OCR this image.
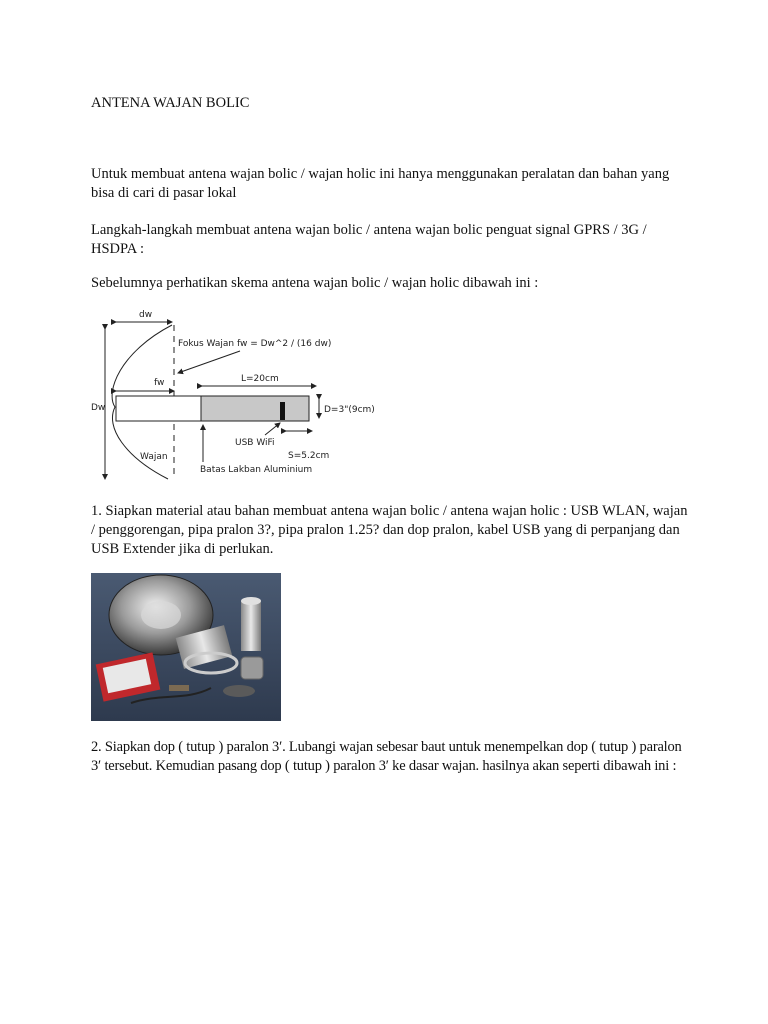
ANTENA WAJAN BOLIC

Untuk membuat antena wajan bolic / wajan holic ini hanya menggunakan peralatan dan bahan yang bisa di cari di pasar lokal

Langkah-langkah membuat antena wajan bolic / antena wajan bolic penguat signal GPRS / 3G / HSDPA :

Sebelumnya perhatikan skema antena wajan bolic / wajan holic dibawah ini :

Dw
dw
Fokus Wajan fw = Dw^2 / (16 dw)
fw	L=20cm
D=3"(9cm)
USB WiFi
S=5.2cm
Wajan
Batas Lakban Aluminium

1. Siapkan material atau bahan membuat antena wajan bolic / antena wajan holic : USB WLAN, wajan / penggorengan, pipa pralon 3?, pipa pralon 1.25? dan dop pralon, kabel USB yang di perpanjang dan USB Extender jika di perlukan.

2. Siapkan dop ( tutup ) paralon 3′. Lubangi wajan sebesar baut untuk menempelkan dop ( tutup ) paralon 3′ tersebut. Kemudian pasang dop ( tutup ) paralon 3′ ke dasar wajan. hasilnya akan seperti dibawah ini :
